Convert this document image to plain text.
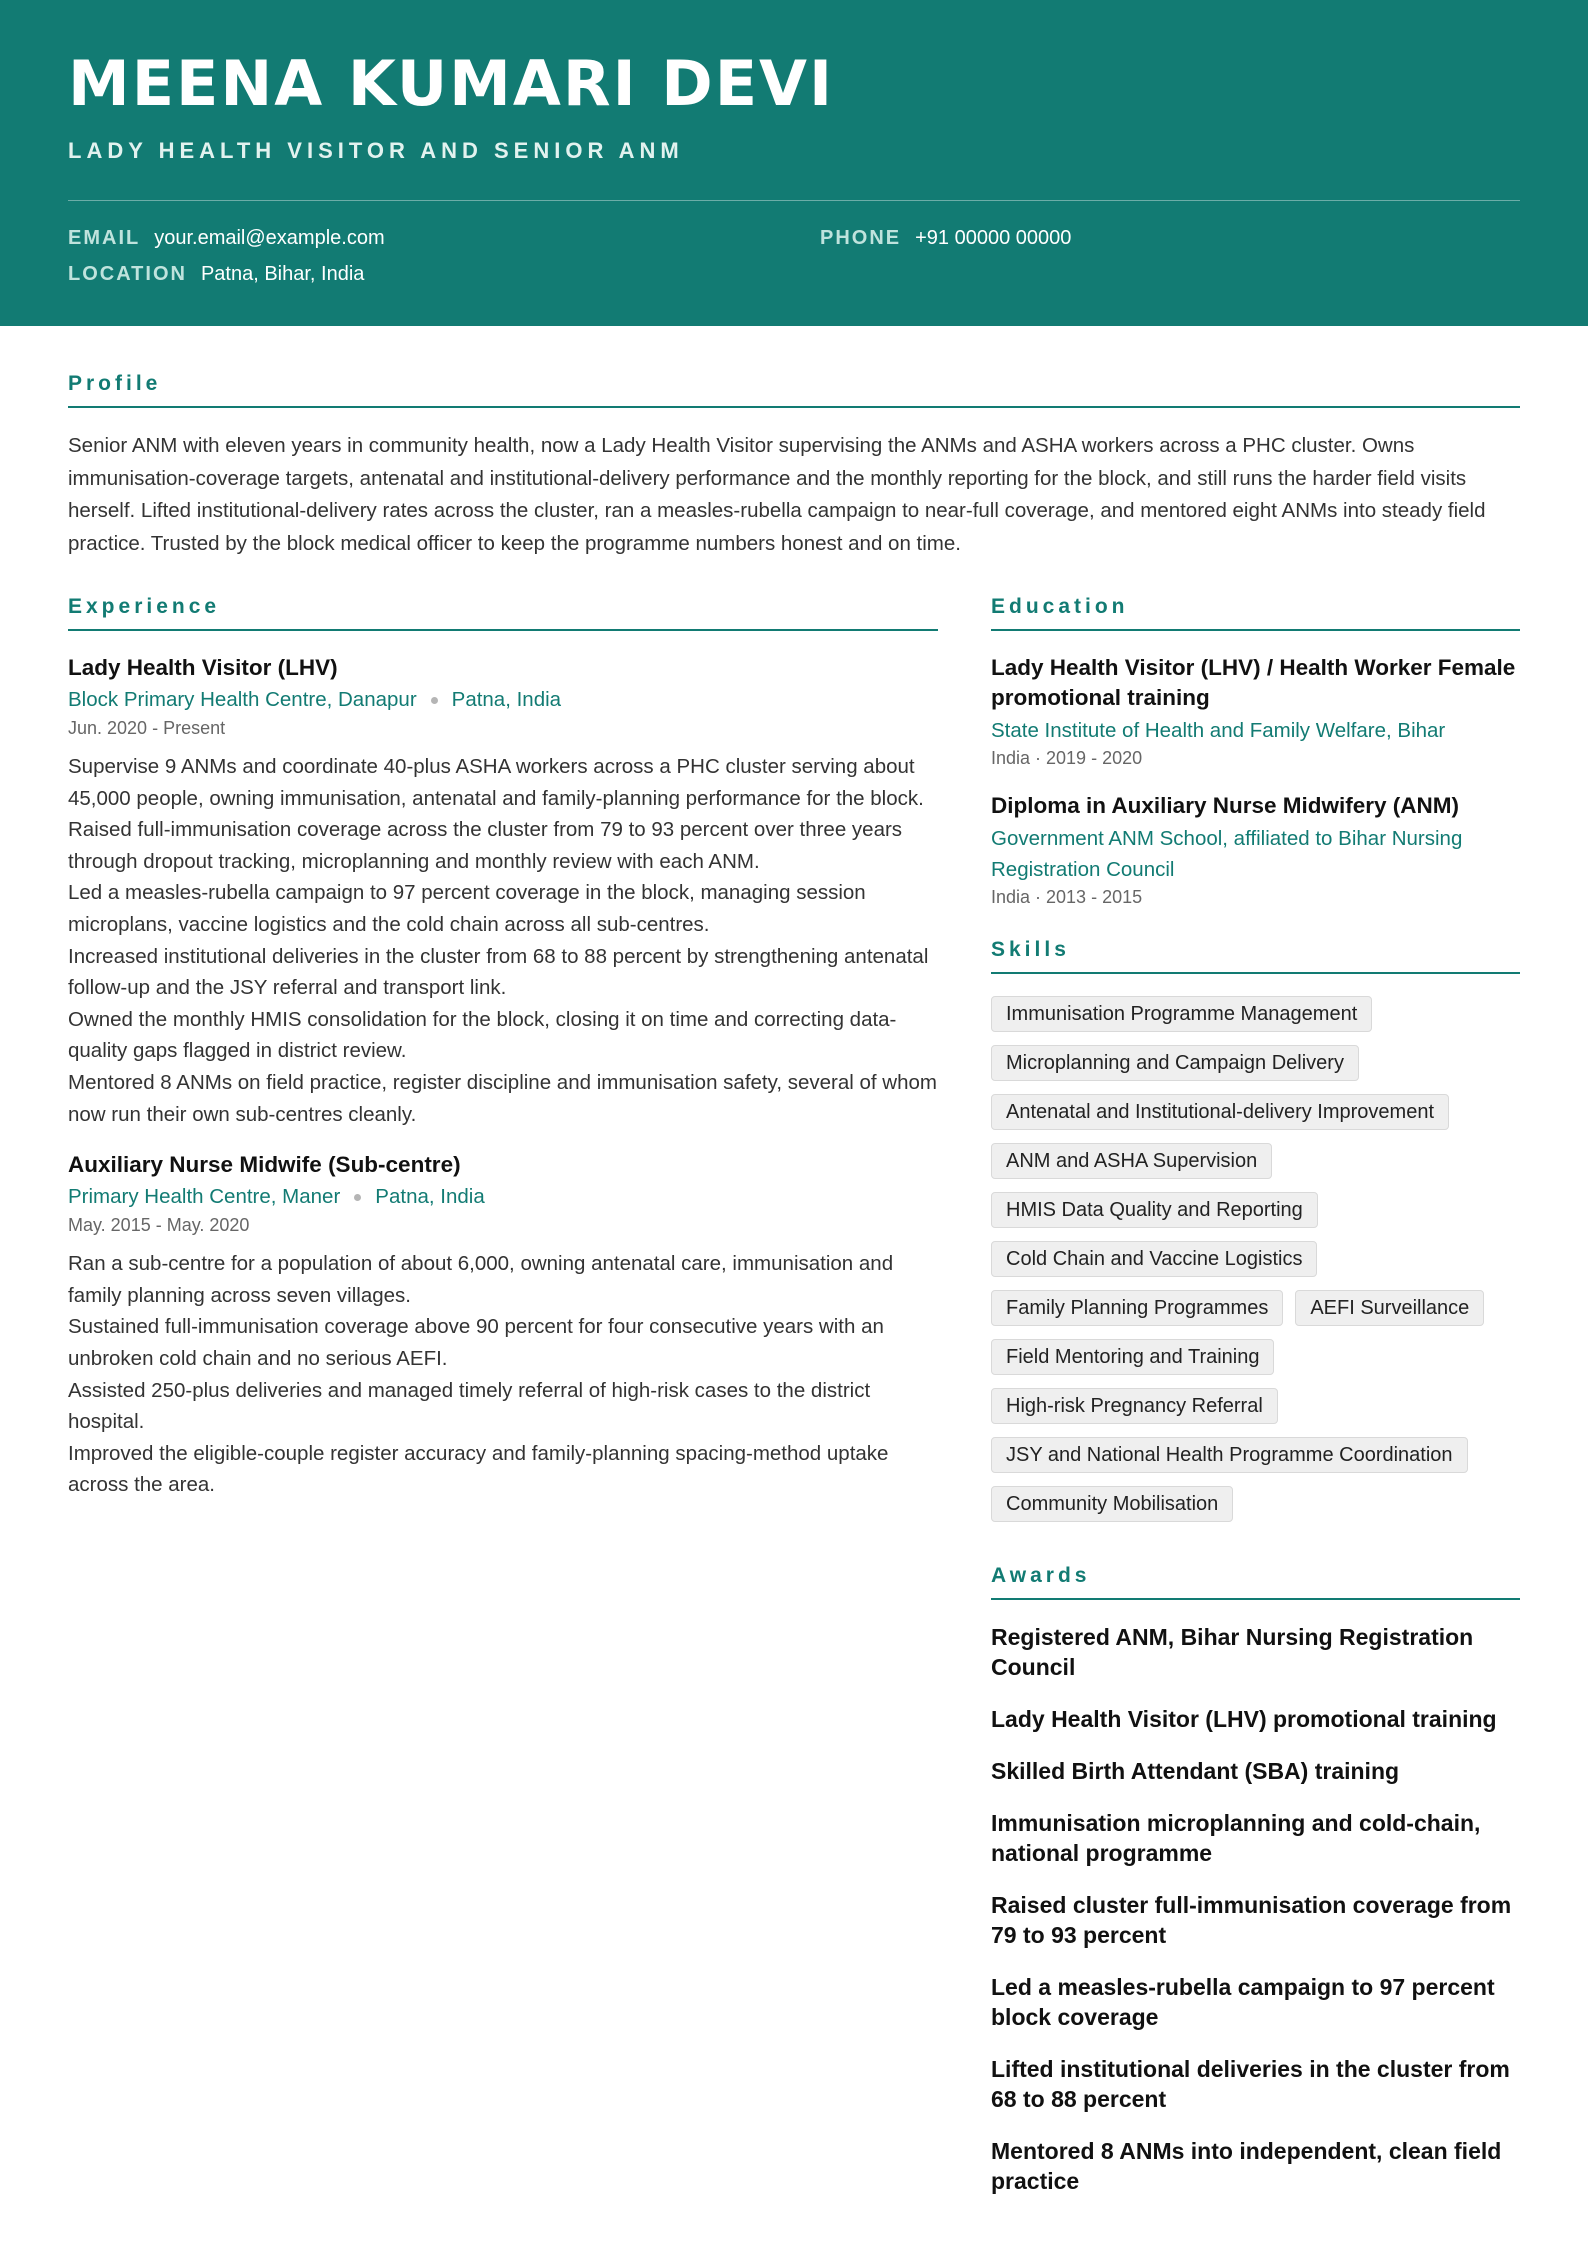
MEENA KUMARI DEVI
LADY HEALTH VISITOR AND SENIOR ANM
EMAIL your.email@example.com	PHONE +91 00000 00000
LOCATION Patna, Bihar, India
Profile
Senior ANM with eleven years in community health, now a Lady Health Visitor supervising the ANMs and ASHA workers across a PHC cluster. Owns immunisation-coverage targets, antenatal and institutional-delivery performance and the monthly reporting for the block, and still runs the harder field visits herself. Lifted institutional-delivery rates across the cluster, ran a measles-rubella campaign to near-full coverage, and mentored eight ANMs into steady field practice. Trusted by the block medical officer to keep the programme numbers honest and on time.
Experience
Lady Health Visitor (LHV)
Block Primary Health Centre, Danapur Patna, India
Jun. 2020 - Present
Supervise 9 ANMs and coordinate 40-plus ASHA workers across a PHC cluster serving about 45,000 people, owning immunisation, antenatal and family-planning performance for the block.
Raised full-immunisation coverage across the cluster from 79 to 93 percent over three years through dropout tracking, microplanning and monthly review with each ANM.
Led a measles-rubella campaign to 97 percent coverage in the block, managing session microplans, vaccine logistics and the cold chain across all sub-centres.
Increased institutional deliveries in the cluster from 68 to 88 percent by strengthening antenatal follow-up and the JSY referral and transport link.
Owned the monthly HMIS consolidation for the block, closing it on time and correcting data-quality gaps flagged in district review.
Mentored 8 ANMs on field practice, register discipline and immunisation safety, several of whom now run their own sub-centres cleanly.
Auxiliary Nurse Midwife (Sub-centre)
Primary Health Centre, Maner Patna, India
May. 2015 - May. 2020
Ran a sub-centre for a population of about 6,000, owning antenatal care, immunisation and family planning across seven villages.
Sustained full-immunisation coverage above 90 percent for four consecutive years with an unbroken cold chain and no serious AEFI.
Assisted 250-plus deliveries and managed timely referral of high-risk cases to the district hospital.
Improved the eligible-couple register accuracy and family-planning spacing-method uptake across the area.
Education
Lady Health Visitor (LHV) / Health Worker Female promotional training
State Institute of Health and Family Welfare, Bihar
India · 2019 - 2020
Diploma in Auxiliary Nurse Midwifery (ANM)
Government ANM School, affiliated to Bihar Nursing Registration Council
India · 2013 - 2015
Skills
Immunisation Programme Management
Microplanning and Campaign Delivery
Antenatal and Institutional-delivery Improvement
ANM and ASHA Supervision
HMIS Data Quality and Reporting
Cold Chain and Vaccine Logistics
Family Planning Programmes	AEFI Surveillance
Field Mentoring and Training
High-risk Pregnancy Referral
JSY and National Health Programme Coordination
Community Mobilisation
Awards
Registered ANM, Bihar Nursing Registration Council
Lady Health Visitor (LHV) promotional training
Skilled Birth Attendant (SBA) training
Immunisation microplanning and cold-chain, national programme
Raised cluster full-immunisation coverage from 79 to 93 percent
Led a measles-rubella campaign to 97 percent block coverage
Lifted institutional deliveries in the cluster from 68 to 88 percent
Mentored 8 ANMs into independent, clean field practice
